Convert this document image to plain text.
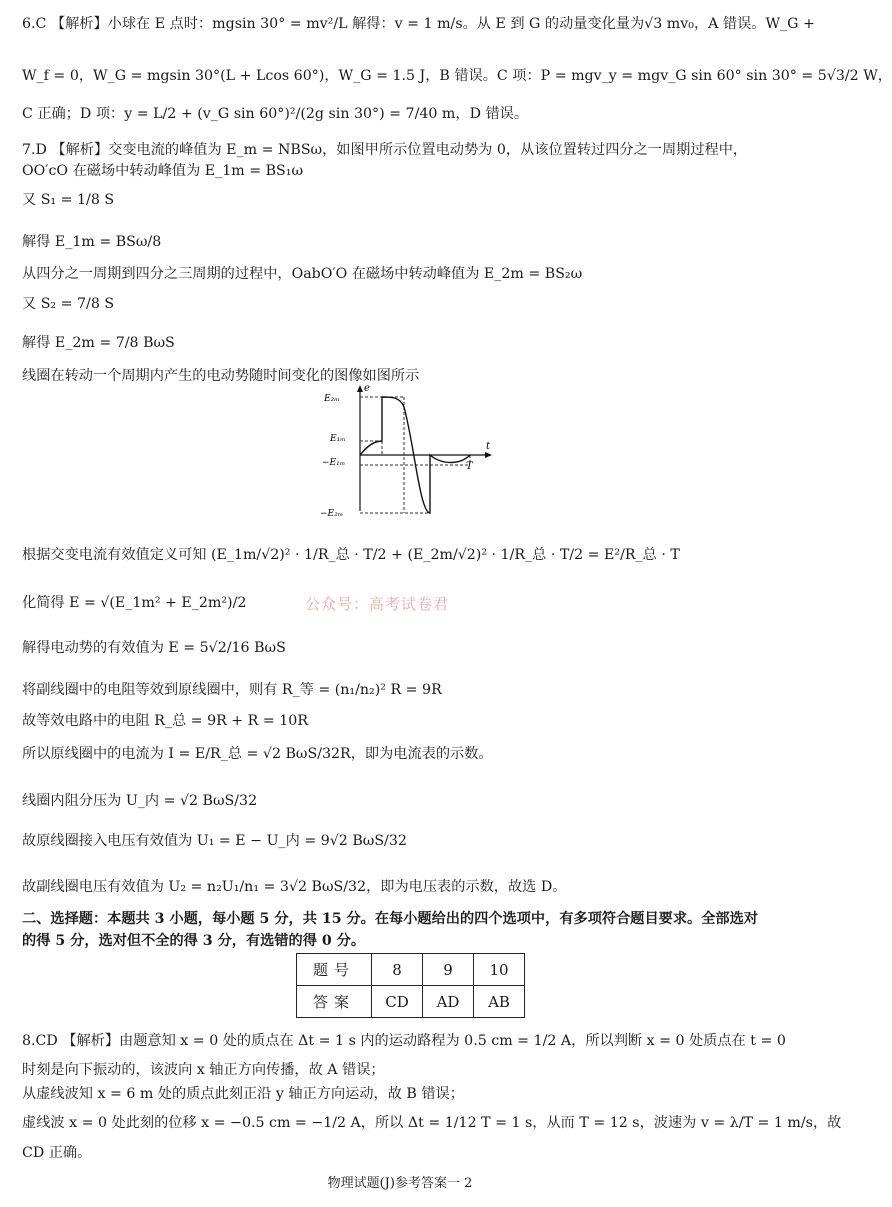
6.C 【解析】小球在 E 点时：mgsin 30° = mv²/L 解得：v = 1 m/s。从 E 到 G 的动量变化量为√3 mv₀，A 错误。W_G +
W_f = 0，W_G = mgsin 30°(L + Lcos 60°)，W_G = 1.5 J，B 错误。C 项：P = mgv_y = mgv_G sin 60° sin 30° = 5√3/2 W，
C 正确；D 项：y = L/2 + (v_G sin 60°)²/(2g sin 30°) = 7/40 m，D 错误。
7.D 【解析】交变电流的峰值为 E_m = NBSω，如图甲所示位置电动势为 0，从该位置转过四分之一周期过程中，
OO′cO 在磁场中转动峰值为 E_1m = BS₁ω
又 S₁ = 1/8 S
解得 E_1m = BSω/8
从四分之一周期到四分之三周期的过程中，OabO′O 在磁场中转动峰值为 E_2m = BS₂ω
又 S₂ = 7/8 S
解得 E_2m = 7/8 BωS
线圈在转动一个周期内产生的电动势随时间变化的图像如图所示
根据交变电流有效值定义可知 (E_1m/√2)² · 1/R_总 · T/2 + (E_2m/√2)² · 1/R_总 · T/2 = E²/R_总 · T
化简得 E = √(E_1m² + E_2m²)/2
解得电动势的有效值为 E = 5√2/16 BωS
将副线圈中的电阻等效到原线圈中，则有 R_等 = (n₁/n₂)² R = 9R
故等效电路中的电阻 R_总 = 9R + R = 10R
所以原线圈中的电流为 I = E/R_总 = √2 BωS/32R，即为电流表的示数。
线圈内阻分压为 U_内 = √2 BωS/32
故原线圈接入电压有效值为 U₁ = E − U_内 = 9√2 BωS/32
故副线圈电压有效值为 U₂ = n₂U₁/n₁ = 3√2 BωS/32，即为电压表的示数，故选 D。
二、选择题：本题共 3 小题，每小题 5 分，共 15 分。在每小题给出的四个选项中，有多项符合题目要求。全部选对
的得 5 分，选对但不全的得 3 分，有选错的得 0 分。
8.CD 【解析】由题意知 x = 0 处的质点在 Δt = 1 s 内的运动路程为 0.5 cm = 1/2 A，所以判断 x = 0 处质点在 t = 0
时刻是向下振动的，该波向 x 轴正方向传播，故 A 错误；
从虚线波知 x = 6 m 处的质点此刻正沿 y 轴正方向运动，故 B 错误；
虚线波 x = 0 处此刻的位移 x = −0.5 cm = −1/2 A，所以 Δt = 1/12 T = 1 s，从而 T = 12 s，波速为 v = λ/T = 1 m/s，故
CD 正确。
e
t
E₂ₘ
E₁ₘ
−E₁ₘ
−E₂ₘ
T
公众号：高考试卷君
题号	8	9	10
答案	CD	AD	AB
物理试题(J)参考答案一 2
